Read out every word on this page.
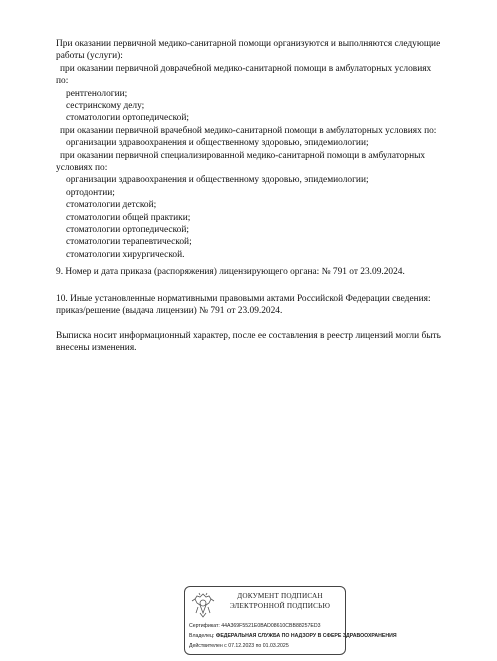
При оказании первичной медико-санитарной помощи организуются и выполняются следующие
работы (услуги):
при оказании первичной доврачебной медико-санитарной помощи в амбулаторных условиях
по:
рентгенологии;
сестринскому делу;
стоматологии ортопедической;
при оказании первичной врачебной медико-санитарной помощи в амбулаторных условиях по:
организации здравоохранения и общественному здоровью, эпидемиологии;
при оказании первичной специализированной медико-санитарной помощи в амбулаторных
условиях по:
организации здравоохранения и общественному здоровью, эпидемиологии;
ортодонтии;
стоматологии детской;
стоматологии общей практики;
стоматологии ортопедической;
стоматологии терапевтической;
стоматологии хирургической.
9. Номер и дата приказа (распоряжения) лицензирующего органа: № 791 от 23.09.2024.
10. Иные установленные нормативными правовыми актами Российской Федерации сведения:
приказ/решение (выдача лицензии) № 791 от 23.09.2024.
Выписка носит информационный характер, после ее составления в реестр лицензий могли быть
внесены изменения.
ДОКУМЕНТ ПОДПИСАН
ЭЛЕКТРОННОЙ ПОДПИСЬЮ
Сертификат: 44A369F5521E0BAD08610CBB88257ED3
Владелец: ФЕДЕРАЛЬНАЯ СЛУЖБА ПО НАДЗОРУ В СФЕРЕ ЗДРАВООХРАНЕНИЯ
Действителен с 07.12.2023 по 01.03.2025
